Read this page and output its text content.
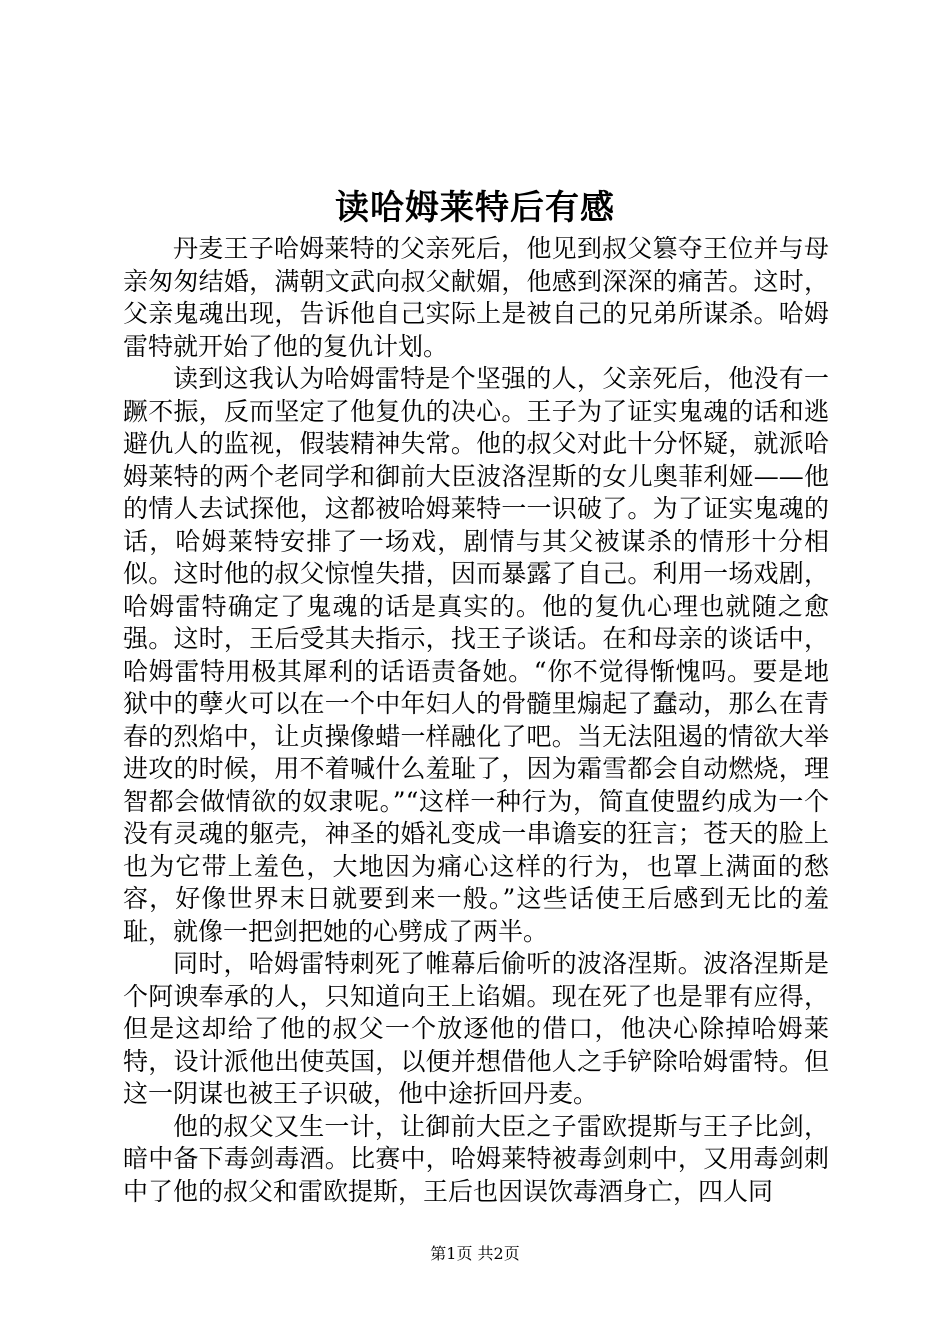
读哈姆莱特后有感

丹麦王子哈姆莱特的父亲死后，他见到叔父篡夺王位并与母亲匆匆结婚，满朝文武向叔父献媚，他感到深深的痛苦。这时，父亲鬼魂出现，告诉他自己实际上是被自己的兄弟所谋杀。哈姆雷特就开始了他的复仇计划。

读到这我认为哈姆雷特是个坚强的人，父亲死后，他没有一蹶不振，反而坚定了他复仇的决心。王子为了证实鬼魂的话和逃避仇人的监视，假装精神失常。他的叔父对此十分怀疑，就派哈姆莱特的两个老同学和御前大臣波洛涅斯的女儿奥菲利娅——他的情人去试探他，这都被哈姆莱特一一识破了。为了证实鬼魂的话，哈姆莱特安排了一场戏，剧情与其父被谋杀的情形十分相似。这时他的叔父惊惶失措，因而暴露了自己。利用一场戏剧，哈姆雷特确定了鬼魂的话是真实的。他的复仇心理也就随之愈强。这时，王后受其夫指示，找王子谈话。在和母亲的谈话中，哈姆雷特用极其犀利的话语责备她。“你不觉得惭愧吗。要是地狱中的孽火可以在一个中年妇人的骨髓里煽起了蠢动，那么在青春的烈焰中，让贞操像蜡一样融化了吧。当无法阻遏的情欲大举进攻的时候，用不着喊什么羞耻了，因为霜雪都会自动燃烧，理智都会做情欲的奴隶呢。”“这样一种行为，简直使盟约成为一个没有灵魂的躯壳，神圣的婚礼变成一串谵妄的狂言；苍天的脸上也为它带上羞色，大地因为痛心这样的行为，也罩上满面的愁容，好像世界末日就要到来一般。”这些话使王后感到无比的羞耻，就像一把剑把她的心劈成了两半。

同时，哈姆雷特刺死了帷幕后偷听的波洛涅斯。波洛涅斯是个阿谀奉承的人，只知道向王上谄媚。现在死了也是罪有应得，但是这却给了他的叔父一个放逐他的借口，他决心除掉哈姆莱特，设计派他出使英国，以便并想借他人之手铲除哈姆雷特。但这一阴谋也被王子识破，他中途折回丹麦。

他的叔父又生一计，让御前大臣之子雷欧提斯与王子比剑，暗中备下毒剑毒酒。比赛中，哈姆莱特被毒剑刺中，又用毒剑刺中了他的叔父和雷欧提斯，王后也因误饮毒酒身亡，四人同

第1页 共2页
